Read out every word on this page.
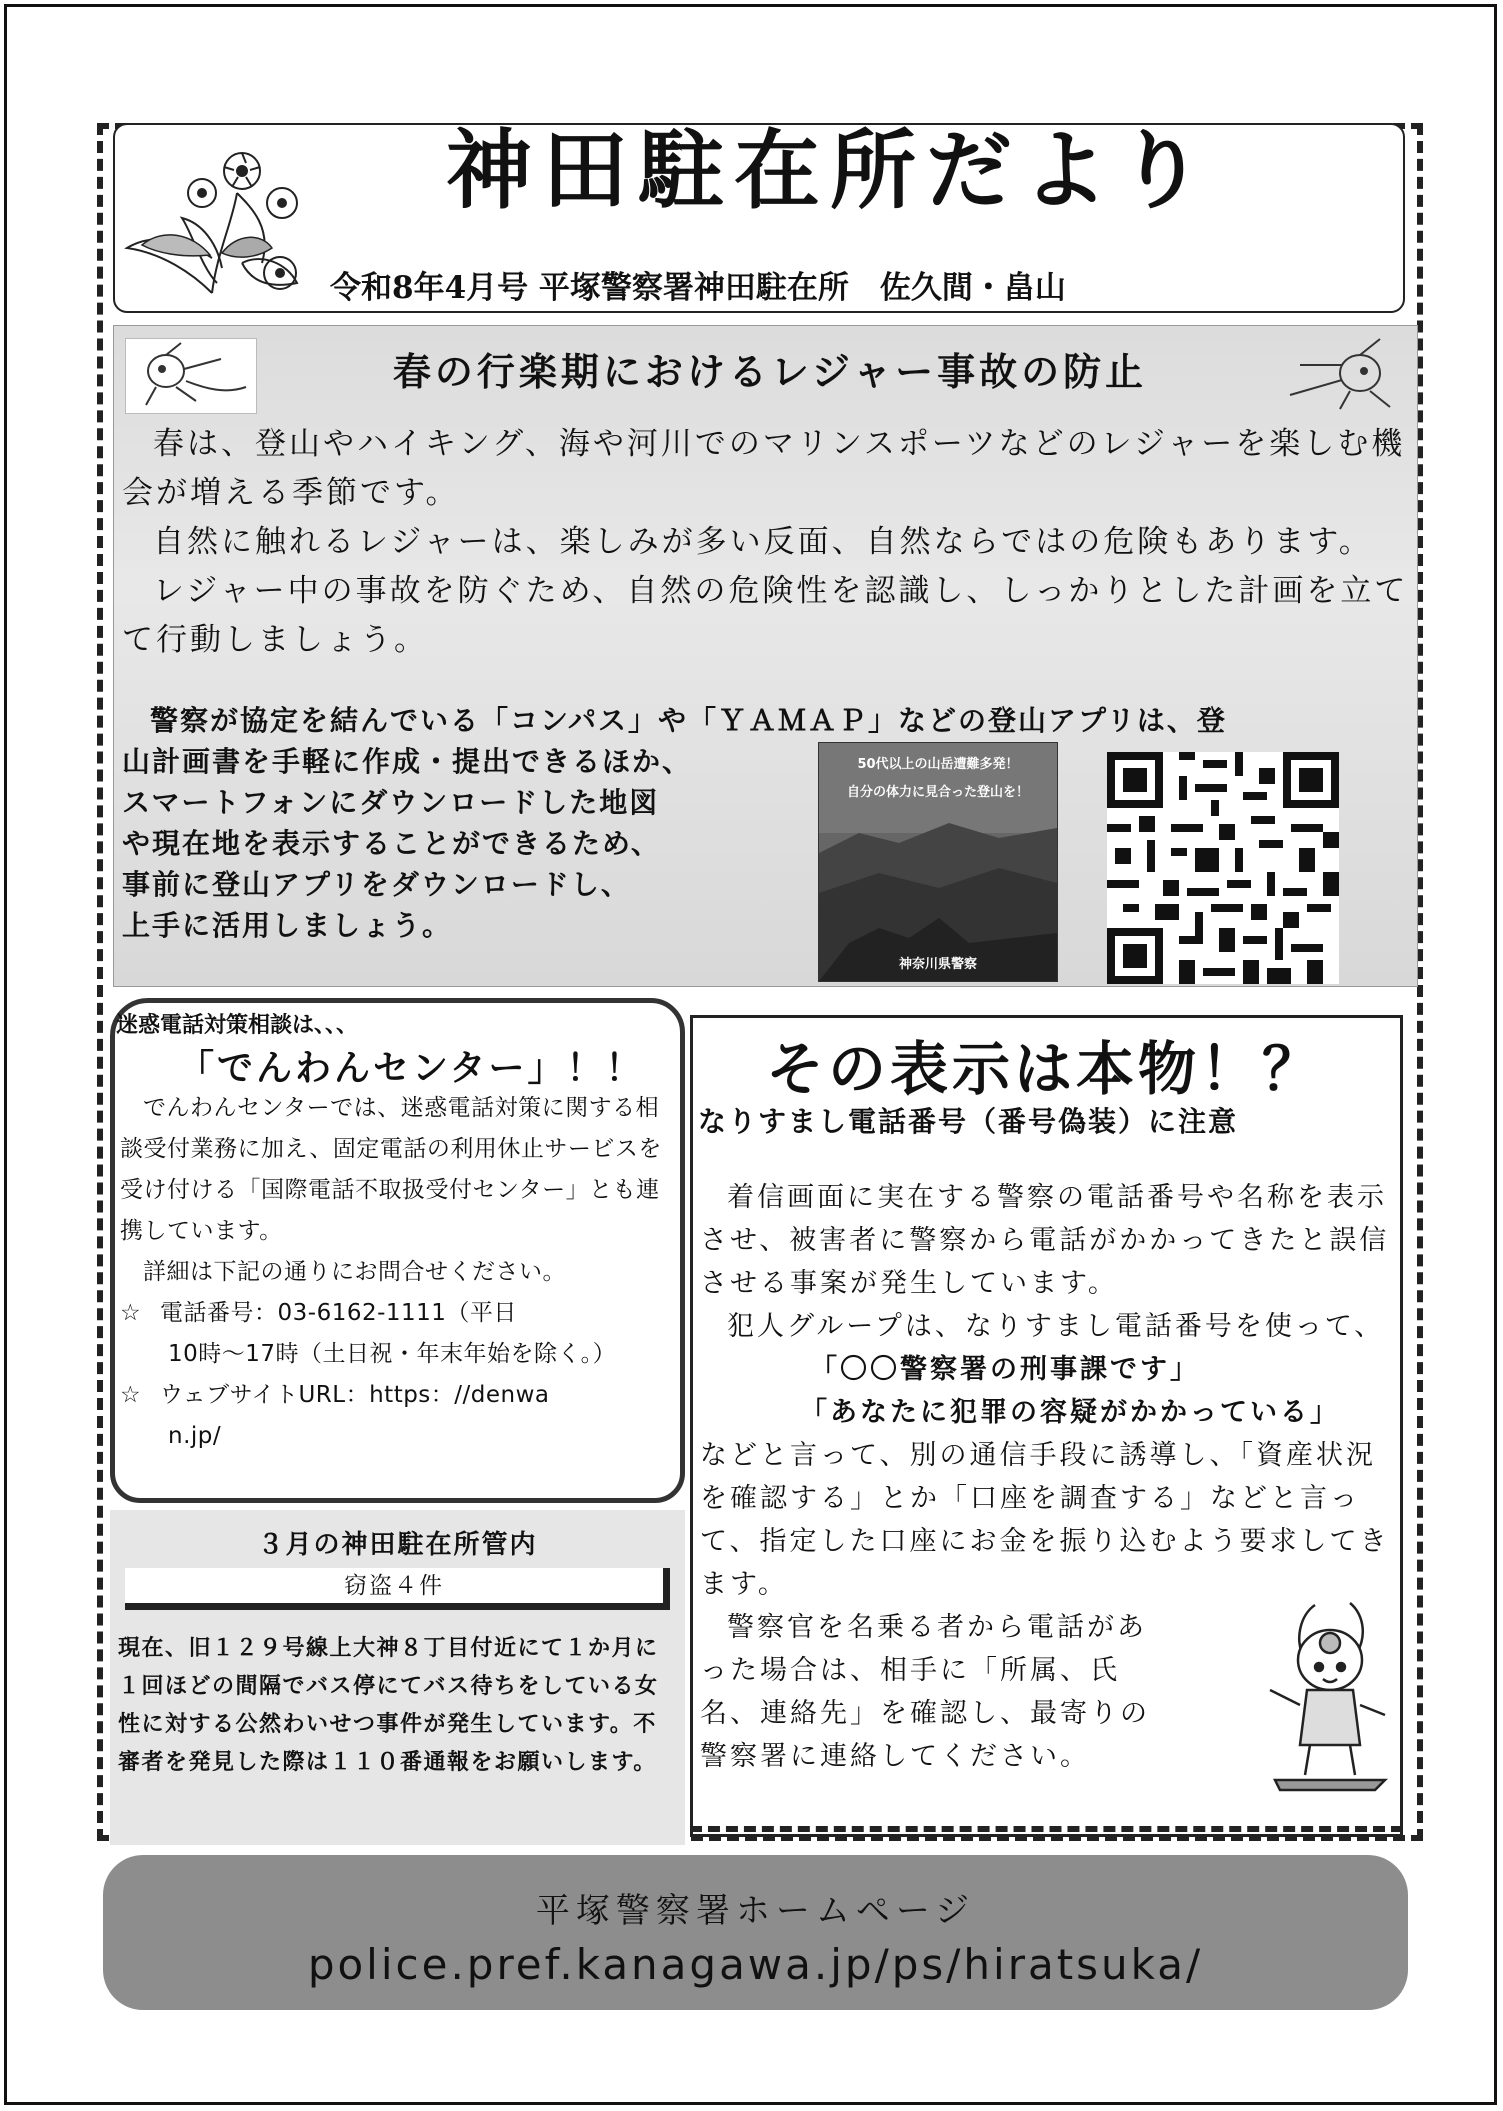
神田駐在所だより
令和8年4月号 平塚警察署神田駐在所　佐久間・畠山
春の行楽期におけるレジャー事故の防止

春は、登山やハイキング、海や河川でのマリンスポーツなどのレジャーを楽しむ機会が増える季節です。

自然に触れるレジャーは、楽しみが多い反面、自然ならではの危険もあります。

レジャー中の事故を防ぐため、自然の危険性を認識し、しっかりとした計画を立てて行動しましょう。

警察が協定を結んでいる「コンパス」や「ＹＡＭＡＰ」などの登山アプリは、登

山計画書を手軽に作成・提出できるほか、

スマートフォンにダウンロードした地図

や現在地を表示することができるため、

事前に登山アプリをダウンロードし、

上手に活用しましょう。

50代以上の山岳遭難多発！
自分の体力に見合った登山を！
神奈川県警察
迷惑電話対策相談は、、、
「でんわんセンター」！！

でんわんセンターでは、迷惑電話対策に関する相談受付業務に加え、固定電話の利用休止サービスを受け付ける「国際電話不取扱受付センター」とも連携しています。

詳細は下記の通りにお問合せください。

☆ 電話番号：03-6162-1111（平日

10時～17時（土日祝・年末年始を除く。）

☆ ウェブサイトURL：https：//denwa

n.jp/

３月の神田駐在所管内
窃盗４件
現在、旧１２９号線上大神８丁目付近にて１か月に１回ほどの間隔でバス停にてバス待ちをしている女性に対する公然わいせつ事件が発生しています。不審者を発見した際は１１０番通報をお願いします。
その表示は本物！？
なりすまし電話番号（番号偽装）に注意

着信画面に実在する警察の電話番号や名称を表示させ、被害者に警察から電話がかかってきたと誤信させる事案が発生しています。

犯人グループは、なりすまし電話番号を使って、

「〇〇警察署の刑事課です」

「あなたに犯罪の容疑がかかっている」

などと言って、別の通信手段に誘導し、「資産状況を確認する」とか「口座を調査する」などと言って、指定した口座にお金を振り込むよう要求してきます。

警察官を名乗る者から電話があった場合は、相手に「所属、氏名、連絡先」を確認し、最寄りの警察署に連絡してください。

平塚警察署ホームページ
police.pref.kanagawa.jp/ps/hiratsuka/
